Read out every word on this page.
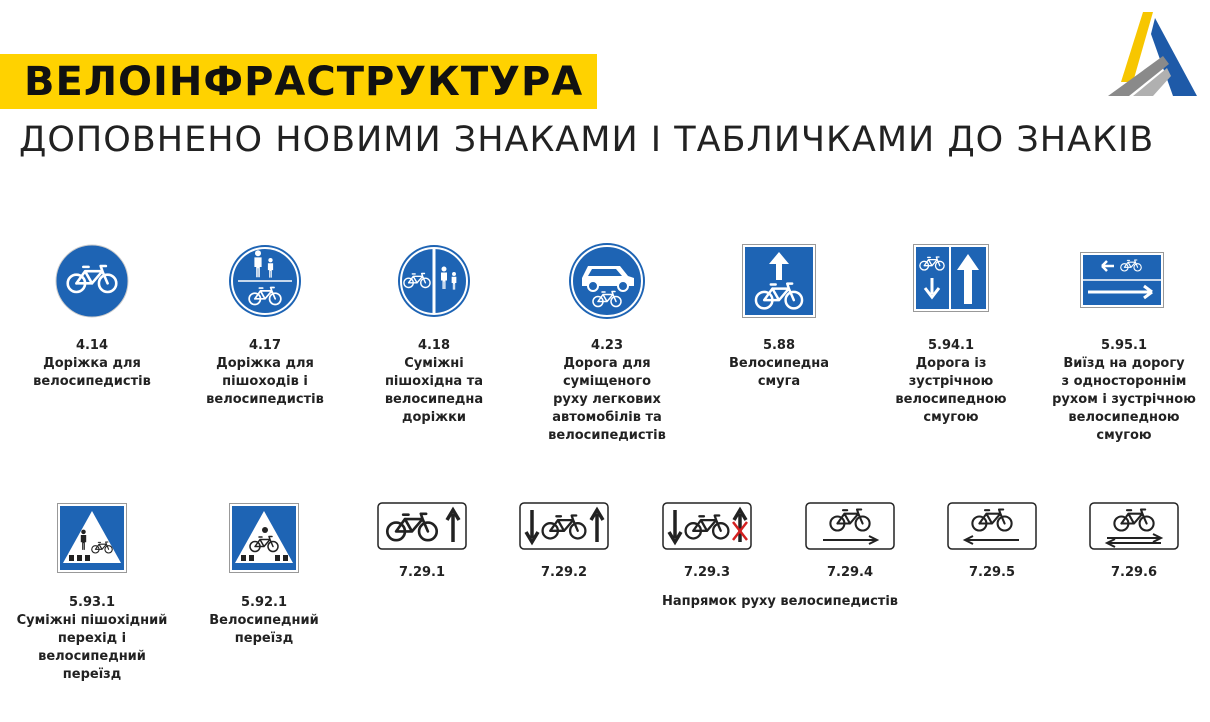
ВЕЛОІНФРАСТРУКТУРА
ДОПОВНЕНО НОВИМИ ЗНАКАМИ І ТАБЛИЧКАМИ ДО ЗНАКІВ
4.14
Доріжка для
велосипедистів
4.17
Доріжка для
пішоходів і
велосипедистів
4.18
Суміжні
пішохідна та
велосипедна
доріжки
4.23
Дорога для
суміщеного
руху легкових
автомобілів та
велосипедистів
5.88
Велосипедна
смуга
5.94.1
Дорога із
зустрічною
велосипедною
смугою
5.95.1
Виїзд на дорогу
з одностороннім
рухом і зустрічною
велосипедною
смугою
5.93.1
Суміжні пішохідний
перехід і
велосипедний
переїзд
5.92.1
Велосипедний
переїзд
7.29.1	7.29.2	7.29.3	7.29.4	7.29.5	7.29.6
Напрямок руху велосипедистів
